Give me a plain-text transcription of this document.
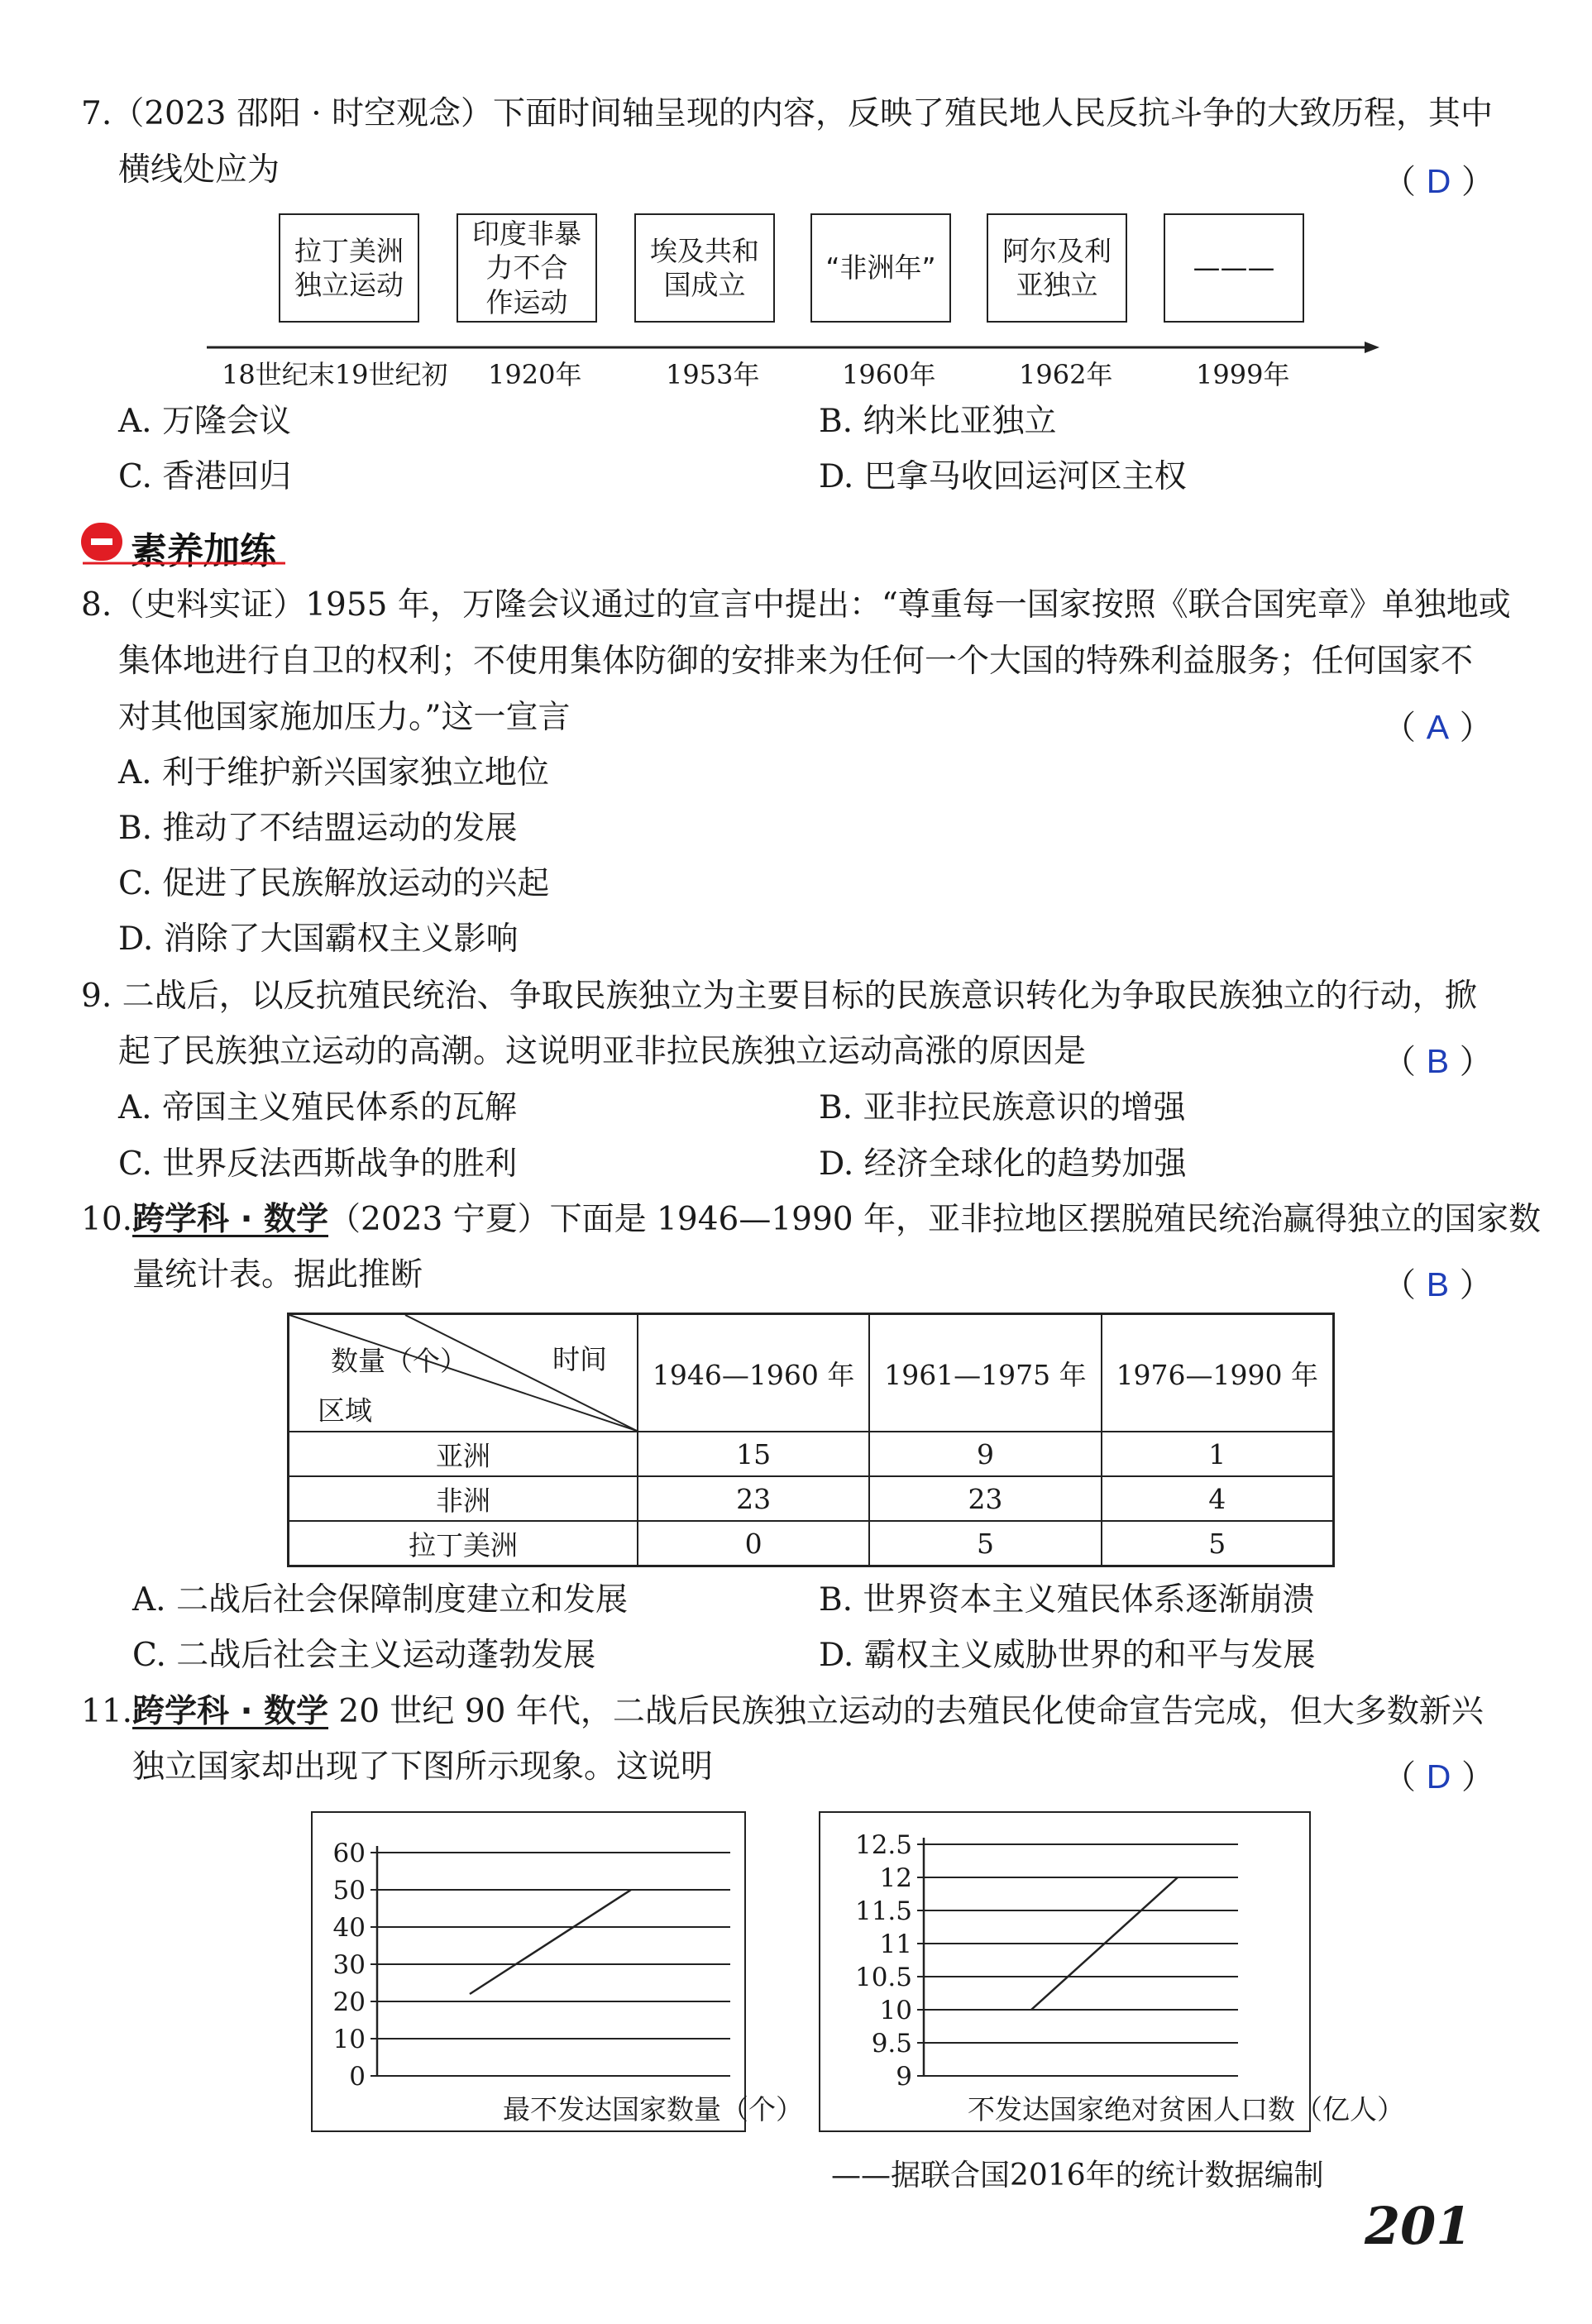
7.（2023 邵阳 · 时空观念）下面时间轴呈现的内容，反映了殖民地人民反抗斗争的大致历程，其中
横线处应为	（ D ）
拉丁美洲
独立运动
印度非暴
力不合
作运动
埃及共和
国成立
“非洲年”
阿尔及利
亚独立
———
18世纪末19世纪初 1920年	1953年	1960年	1962年	1999年
A. 万隆会议	B. 纳米比亚独立
C. 香港回归	D. 巴拿马收回运河区主权
素养加练
8.（史料实证）1955 年，万隆会议通过的宣言中提出：“尊重每一国家按照《联合国宪章》单独地或
集体地进行自卫的权利；不使用集体防御的安排来为任何一个大国的特殊利益服务；任何国家不
对其他国家施加压力。”这一宣言	（ A ）
A. 利于维护新兴国家独立地位
B. 推动了不结盟运动的发展
C. 促进了民族解放运动的兴起
D. 消除了大国霸权主义影响
9. 二战后，以反抗殖民统治、争取民族独立为主要目标的民族意识转化为争取民族独立的行动，掀
起了民族独立运动的高潮。这说明亚非拉民族独立运动高涨的原因是	（ B ）
A. 帝国主义殖民体系的瓦解	B. 亚非拉民族意识的增强
C. 世界反法西斯战争的胜利	D. 经济全球化的趋势加强
10.跨学科 · 数学（2023 宁夏）下面是 1946—1990 年，亚非拉地区摆脱殖民统治赢得独立的国家数
量统计表。据此推断	（ B ）
数量（个） 时间
区域	1946—1960 年	1961—1975 年	1976—1990 年
亚洲	15	9	1
非洲	23	23	4
拉丁美洲	0	5	5
A. 二战后社会保障制度建立和发展	B. 世界资本主义殖民体系逐渐崩溃
C. 二战后社会主义运动蓬勃发展	D. 霸权主义威胁世界的和平与发展
11.跨学科 · 数学 20 世纪 90 年代，二战后民族独立运动的去殖民化使命宣告完成，但大多数新兴
独立国家却出现了下图所示现象。这说明	（ D ）
60
50
40
30
20
10
0
最不发达国家数量（个）
12.5
12
11.5
11
10.5
10
9.5
9
不发达国家绝对贫困人口数（亿人）
——据联合国2016年的统计数据编制
201
